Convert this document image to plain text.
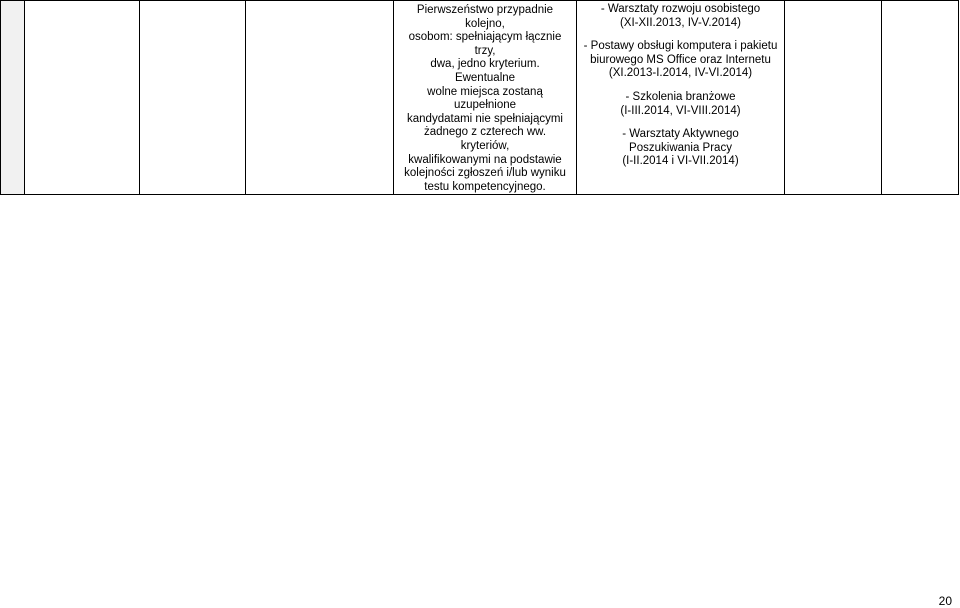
Pierwszeństwo przypadnie kolejno,

osobom: spełniającym łącznie trzy,

dwa, jedno kryterium. Ewentualne

wolne miejsca zostaną uzupełnione

kandydatami nie spełniającymi

żadnego z czterech ww. kryteriów,

kwalifikowanymi na podstawie

kolejności zgłoszeń i/lub wyniku

testu kompetencyjnego.

- Warsztaty rozwoju osobistego
(XI-XII.2013, IV-V.2014)
- Postawy obsługi komputera i pakietu
biurowego MS Office oraz Internetu
(XI.2013-I.2014, IV-VI.2014)
- Szkolenia branżowe
(I-III.2014, VI-VIII.2014)
- Warsztaty Aktywnego
Poszukiwania Pracy
(I-II.2014 i VI-VII.2014)

20
